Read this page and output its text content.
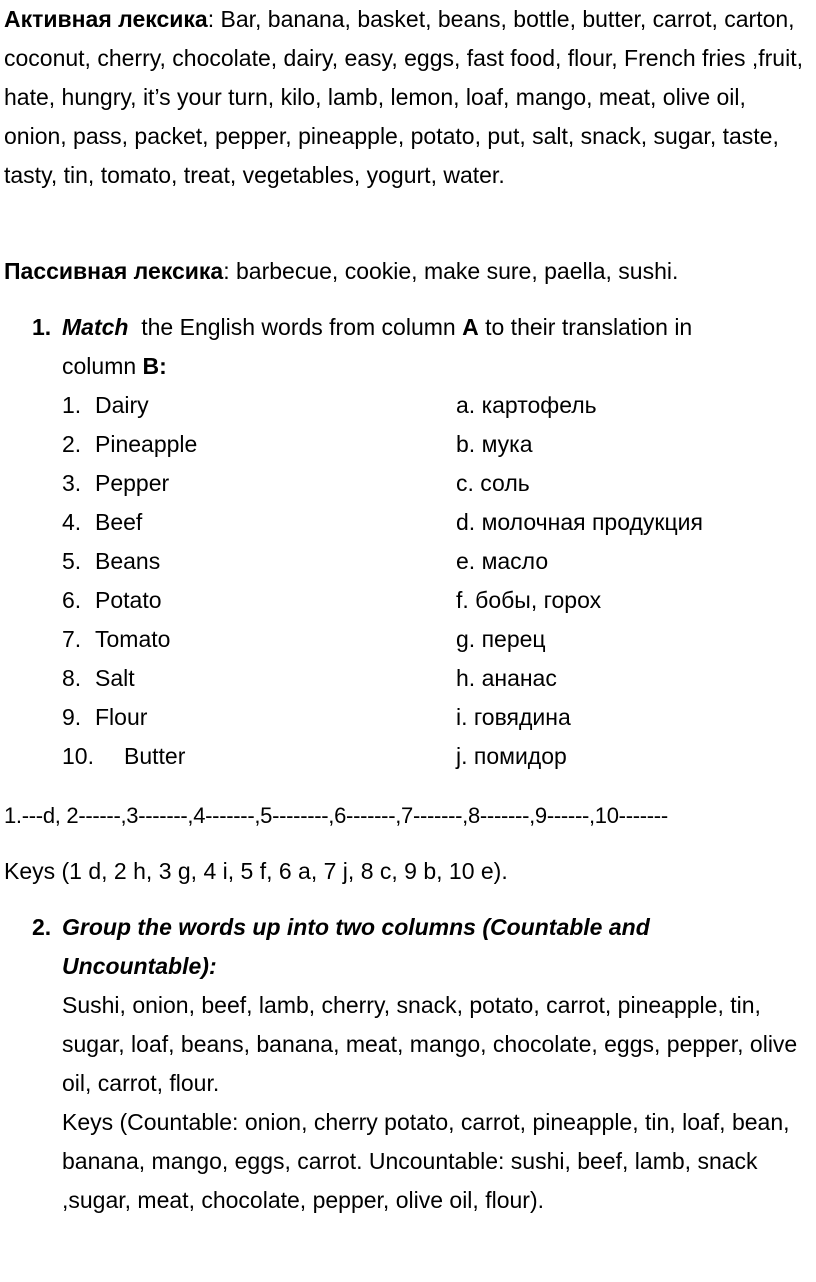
Активная лексика: Bar, banana, basket, beans, bottle, butter, carrot, carton, coconut, cherry, chocolate, dairy, easy, eggs, fast food, flour, French fries ,fruit, hate, hungry, it’s your turn, kilo, lamb, lemon, loaf, mango, meat, olive oil, onion, pass, packet, pepper, pineapple, potato, put, salt, snack, sugar, taste, tasty, tin, tomato, treat, vegetables, yogurt, water.

Пассивная лексика: barbecue, cookie, make sure, paella, sushi.

1. Match  the English words from column A to their translation in
column B:
1. Dairy	a. картофель
2. Pineapple	b. мука
3. Pepper	c. соль
4. Beef	d. молочная продукция
5. Beans	e. масло
6. Potato	f. бобы, горох
7. Tomato	g. перец
8. Salt	h. ананас
9. Flour	i. говядина
10. Butter	j. помидор
1.---d, 2------,3-------,4-------,5--------,6-------,7-------,8-------,9------,10-------
Keys (1 d, 2 h, 3 g, 4 i, 5 f, 6 a, 7 j, 8 c, 9 b, 10 e).
2. Group the words up into two columns (Countable and
Uncountable):

Sushi, onion, beef, lamb, cherry, snack, potato, carrot, pineapple, tin, sugar, loaf, beans, banana, meat, mango, chocolate, eggs, pepper, olive oil, carrot, flour.

Keys (Countable: onion, cherry potato, carrot, pineapple, tin, loaf, bean, banana, mango, eggs, carrot. Uncountable: sushi, beef, lamb, snack ,sugar, meat, chocolate, pepper, olive oil, flour).
